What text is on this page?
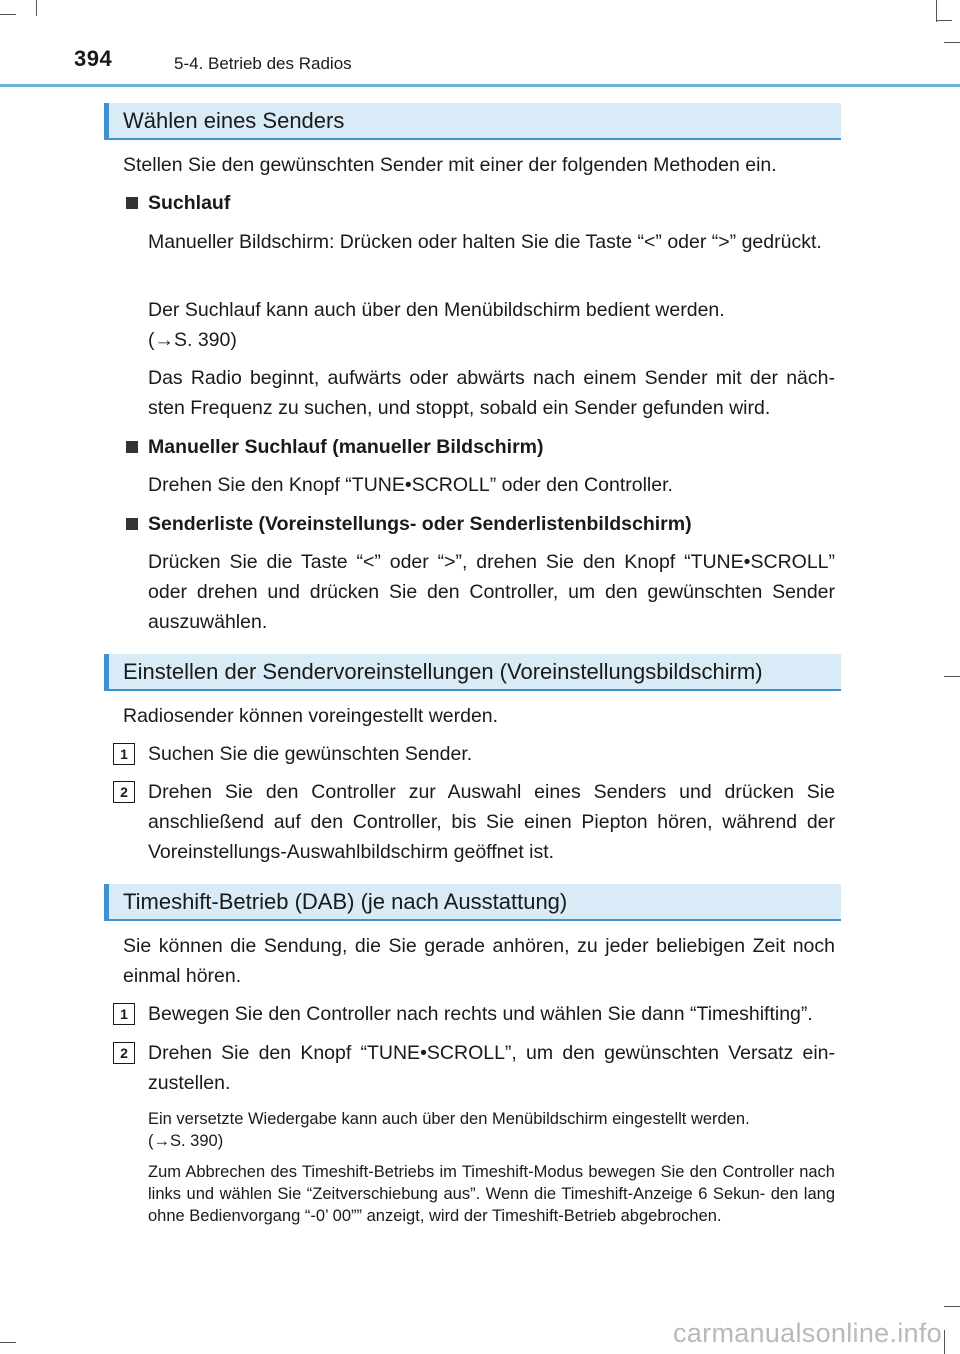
394	5-4. Betrieb des Radios
Wählen eines Senders
Stellen Sie den gewünschten Sender mit einer der folgenden Methoden ein.
Suchlauf
Manueller Bildschirm: Drücken oder halten Sie die Taste “<” oder “>” gedrückt.
Der Suchlauf kann auch über den Menübildschirm bedient werden.
(→S. 390)
Das Radio beginnt, aufwärts oder abwärts nach einem Sender mit der näch- sten Frequenz zu suchen, und stoppt, sobald ein Sender gefunden wird.
Manueller Suchlauf (manueller Bildschirm)
Drehen Sie den Knopf “TUNE•SCROLL” oder den Controller.
Senderliste (Voreinstellungs- oder Senderlistenbildschirm)
Drücken Sie die Taste “<” oder “>”, drehen Sie den Knopf “TUNE•SCROLL” oder drehen und drücken Sie den Controller, um den gewünschten Sender auszuwählen.
Einstellen der Sendervoreinstellungen (Voreinstellungsbildschirm)
Radiosender können voreingestellt werden.
1	Suchen Sie die gewünschten Sender.
2	Drehen Sie den Controller zur Auswahl eines Senders und drücken Sie anschließend auf den Controller, bis Sie einen Piepton hören, während der Voreinstellungs-Auswahlbildschirm geöffnet ist.
Timeshift-Betrieb (DAB) (je nach Ausstattung)
Sie können die Sendung, die Sie gerade anhören, zu jeder beliebigen Zeit noch einmal hören.
1	Bewegen Sie den Controller nach rechts und wählen Sie dann “Timeshifting”.
2	Drehen Sie den Knopf “TUNE•SCROLL”, um den gewünschten Versatz ein- zustellen.
Ein versetzte Wiedergabe kann auch über den Menübildschirm eingestellt werden.
(→S. 390)
Zum Abbrechen des Timeshift-Betriebs im Timeshift-Modus bewegen Sie den Controller nach links und wählen Sie “Zeitverschiebung aus”. Wenn die Timeshift-Anzeige 6 Sekun- den lang ohne Bedienvorgang “-0’ 00”” anzeigt, wird der Timeshift-Betrieb abgebrochen.
carmanualsonline.info
